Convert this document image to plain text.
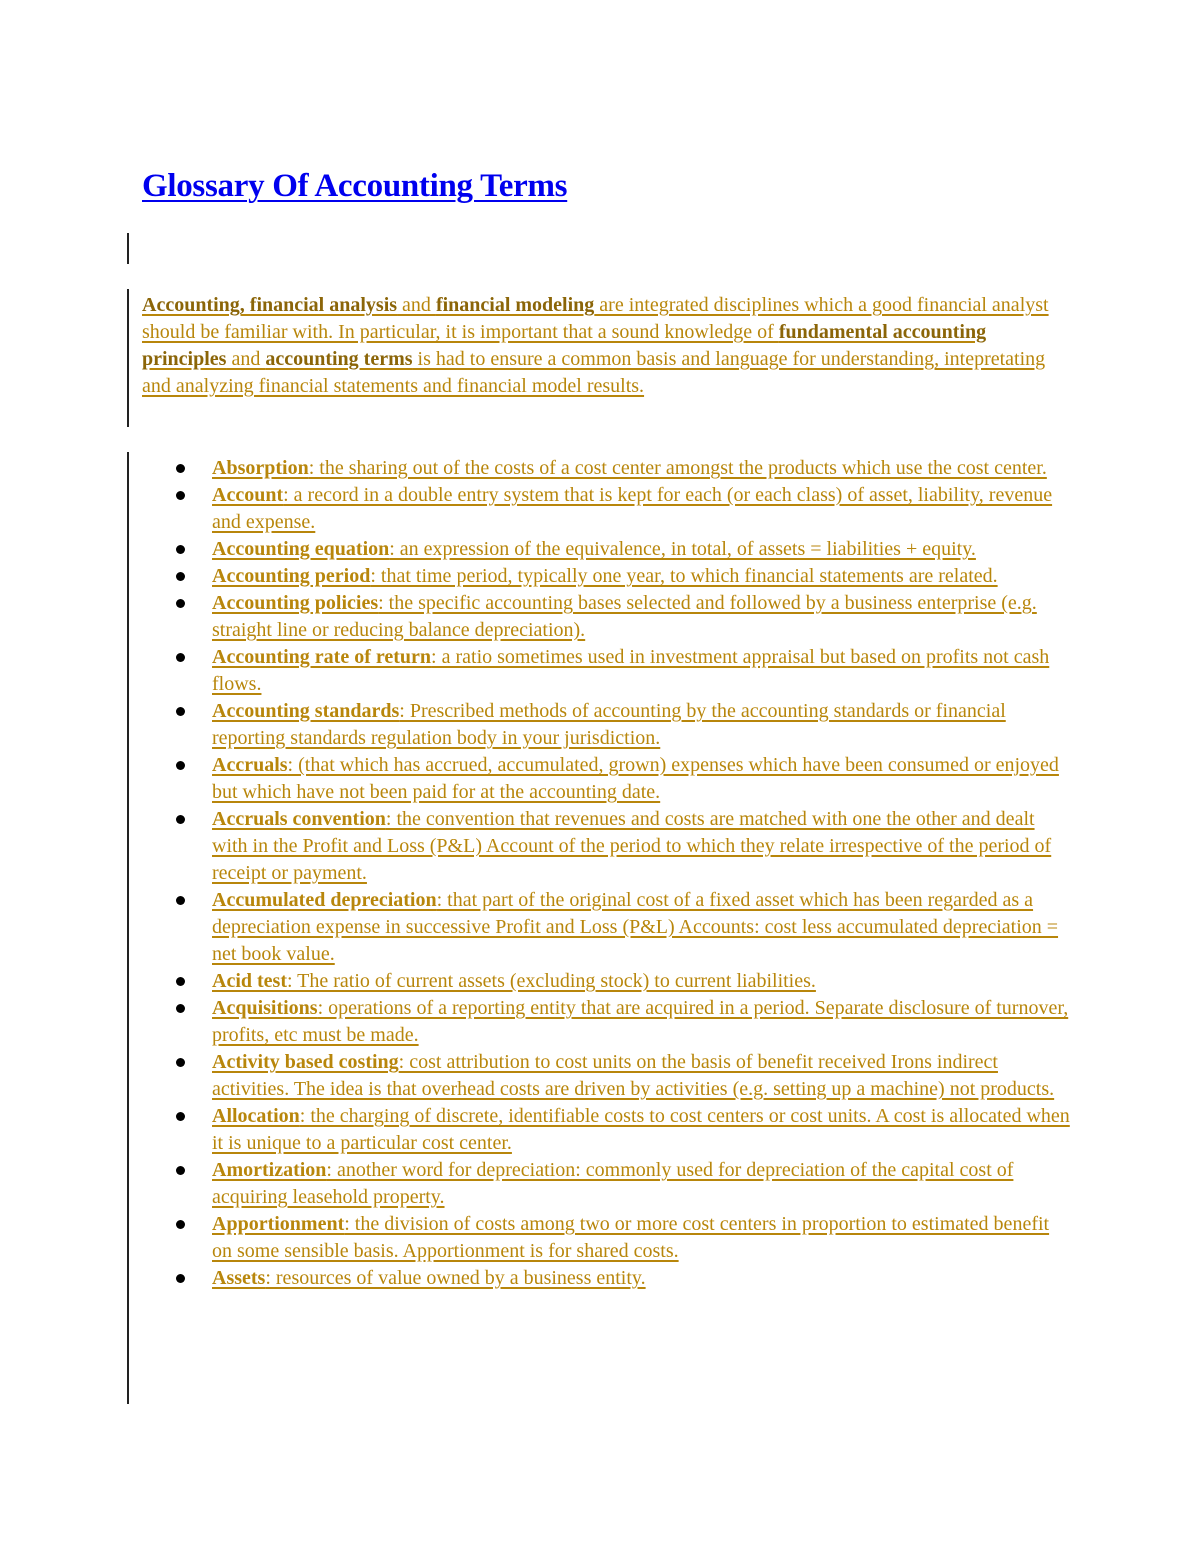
Glossary Of Accounting Terms

Accounting, financial analysis and financial modeling are integrated disciplines which a good financial analyst should be familiar with. In particular, it is important that a sound knowledge of fundamental accounting principles and accounting terms is had to ensure a common basis and language for understanding, intepretating and analyzing financial statements and financial model results.

Absorption: the sharing out of the costs of a cost center amongst the products which use the cost center.
Account: a record in a double entry system that is kept for each (or each class) of asset, liability, revenue and expense.
Accounting equation: an expression of the equivalence, in total, of assets = liabilities + equity.
Accounting period: that time period, typically one year, to which financial statements are related.
Accounting policies: the specific accounting bases selected and followed by a business enterprise (e.g. straight line or reducing balance depreciation).
Accounting rate of return: a ratio sometimes used in investment appraisal but based on profits not cash flows.
Accounting standards: Prescribed methods of accounting by the accounting standards or financial reporting standards regulation body in your jurisdiction.
Accruals: (that which has accrued, accumulated, grown) expenses which have been consumed or enjoyed but which have not been paid for at the accounting date.
Accruals convention: the convention that revenues and costs are matched with one the other and dealt with in the Profit and Loss (P&L) Account of the period to which they relate irrespective of the period of receipt or payment.
Accumulated depreciation: that part of the original cost of a fixed asset which has been regarded as a depreciation expense in successive Profit and Loss (P&L) Accounts: cost less accumulated depreciation = net book value.
Acid test: The ratio of current assets (excluding stock) to current liabilities.
Acquisitions: operations of a reporting entity that are acquired in a period. Separate disclosure of turnover, profits, etc must be made.
Activity based costing: cost attribution to cost units on the basis of benefit received Irons indirect activities. The idea is that overhead costs are driven by activities (e.g. setting up a machine) not products.
Allocation: the charging of discrete, identifiable costs to cost centers or cost units. A cost is allocated when it is unique to a particular cost center.
Amortization: another word for depreciation: commonly used for depreciation of the capital cost of acquiring leasehold property.
Apportionment: the division of costs among two or more cost centers in proportion to estimated benefit on some sensible basis. Apportionment is for shared costs.
Assets: resources of value owned by a business entity.
